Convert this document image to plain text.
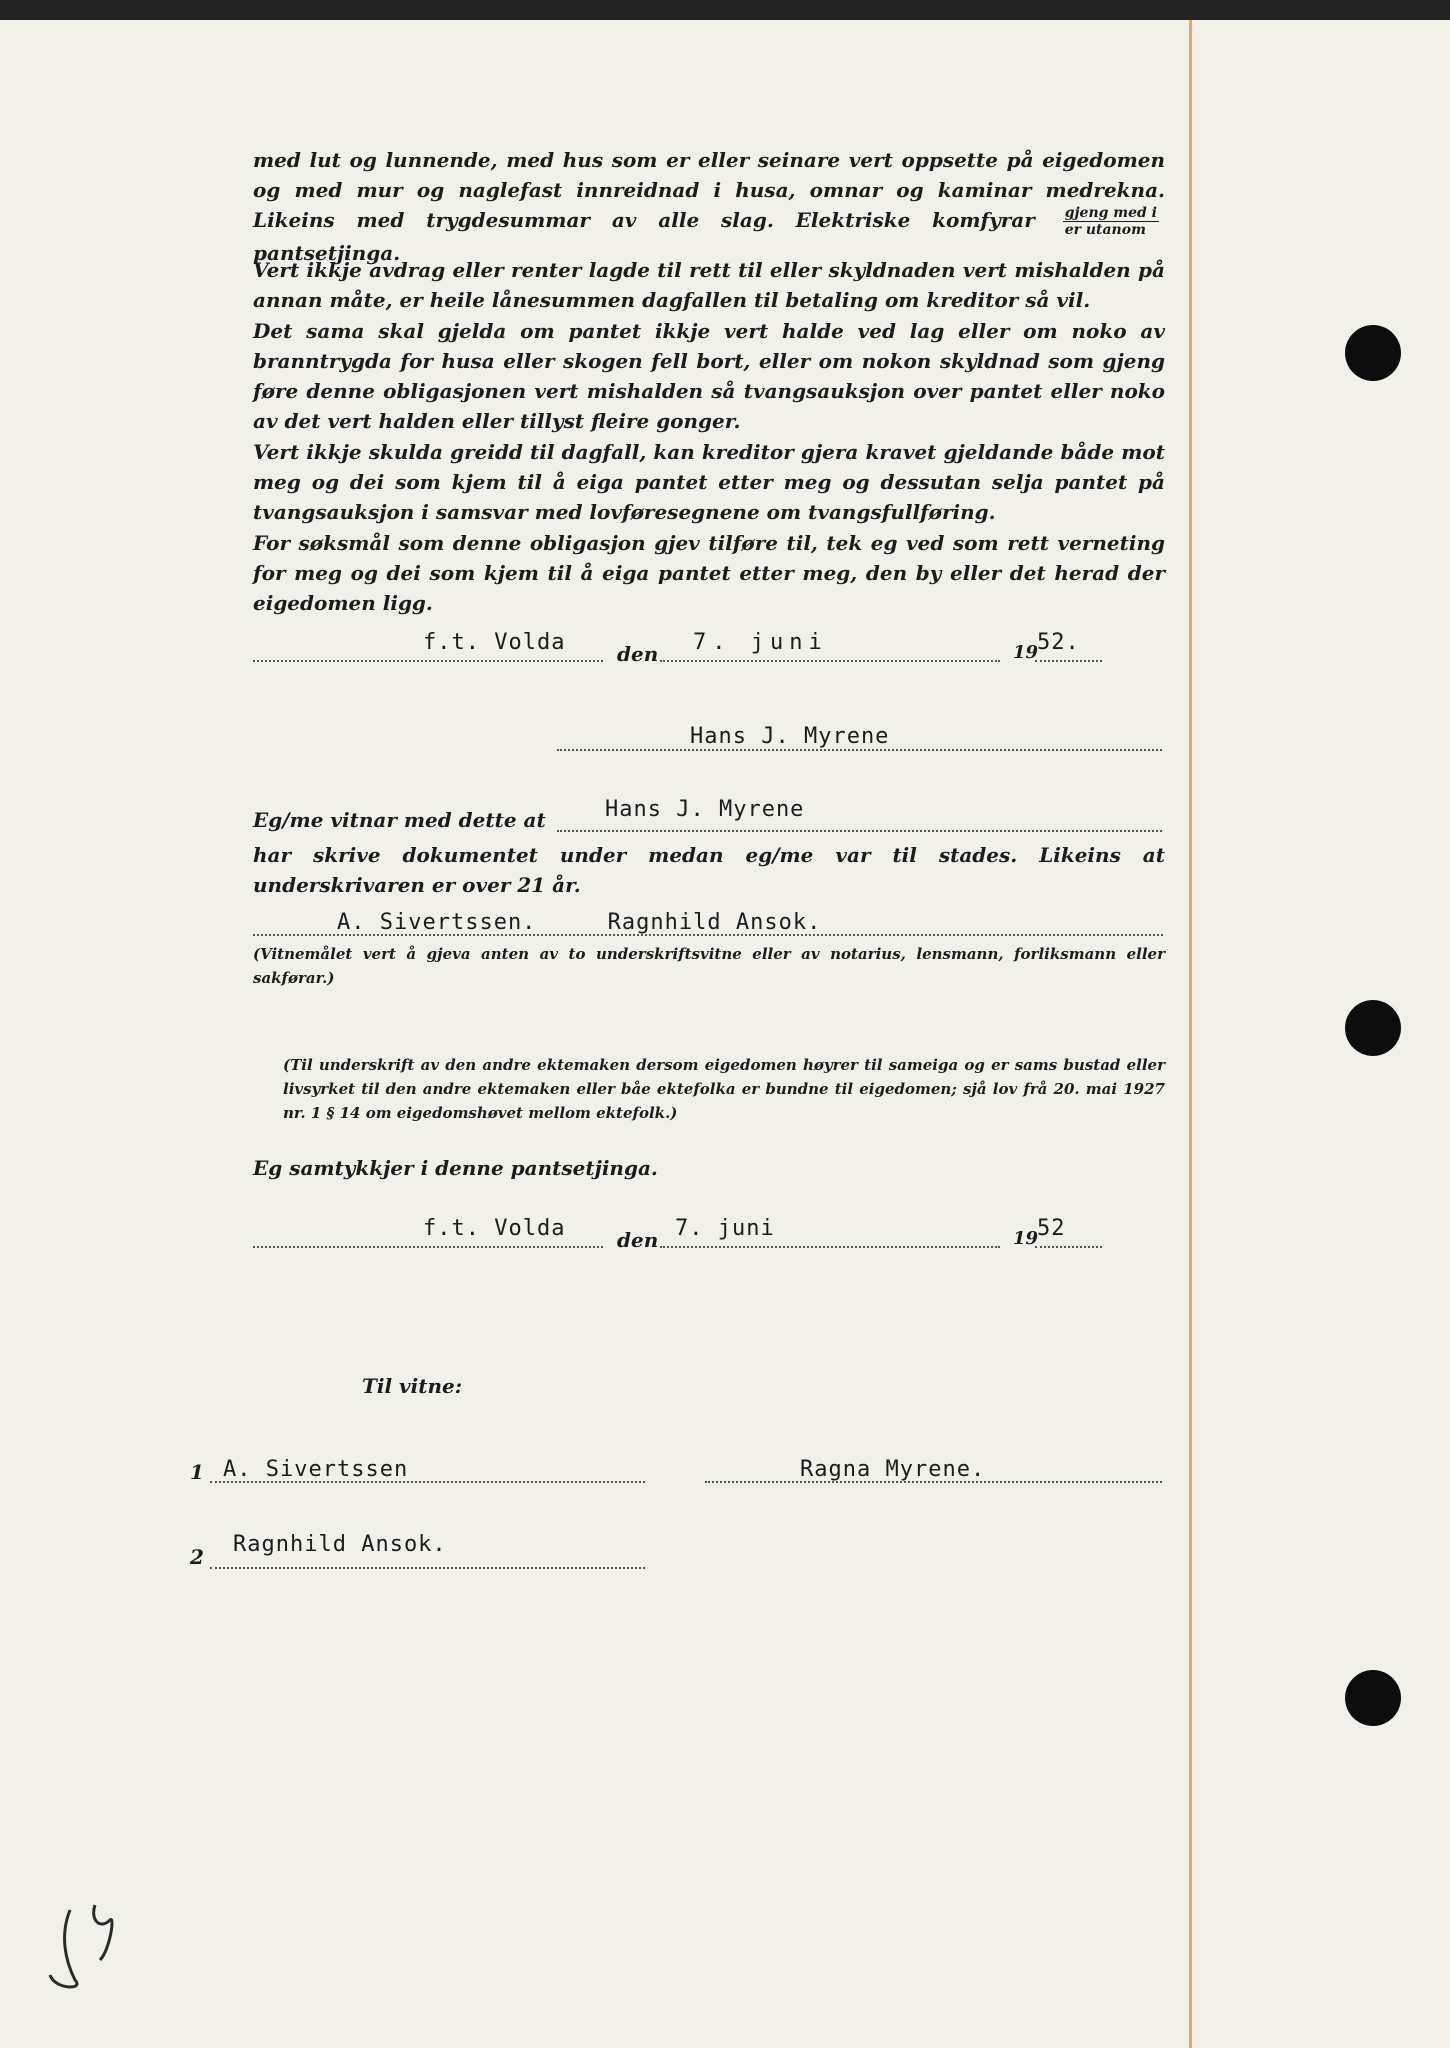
med lut og lunnende, med hus som er eller seinare vert oppsette på eigedomen og med mur og naglefast innreidnad i husa, omnar og kaminar medrekna. Likeins med trygdesummar av alle slag. Elektriske komfyrar $\frac{\text{gjeng med i}}{\text{er utanom}}$
pantsetjinga.
Vert ikkje avdrag eller renter lagde til rett til eller skyldnaden vert mishalden på annan måte, er heile lånesummen dagfallen til betaling om kreditor så vil.
Det sama skal gjelda om pantet ikkje vert halde ved lag eller om noko av branntrygda for husa eller skogen fell bort, eller om nokon skyldnad som gjeng føre denne obligasjonen vert mishalden så tvangsauksjon over pantet eller noko av det vert halden eller tillyst fleire gonger.
Vert ikkje skulda greidd til dagfall, kan kreditor gjera kravet gjeldande både mot meg og dei som kjem til å eiga pantet etter meg og dessutan selja pantet på tvangsauksjon i samsvar med lovføresegnene om tvangsfullføring.
For søksmål som denne obligasjon gjev tilføre til, tek eg ved som rett verneting for meg og dei som kjem til å eiga pantet etter meg, den by eller det herad der eigedomen ligg.
f.t. Volda	den 7. juni	19
52.
Hans J. Myrene
Eg/me vitnar med dette at	Hans J. Myrene
har skrive dokumentet under medan eg/me var til stades. Likeins at underskrivaren er over 21 år.
A. Sivertssen.     Ragnhild Ansok.
(Vitnemålet vert å gjeva anten av to underskriftsvitne eller av notarius, lensmann, forliksmann eller sakførar.)
(Til underskrift av den andre ektemaken dersom eigedomen høyrer til sameiga og er sams bustad eller livsyrket til den andre ektemaken eller båe ektefolka er bundne til eigedomen; sjå lov frå 20. mai 1927 nr. 1 § 14 om eigedomshøvet mellom ektefolk.)
Eg samtykkjer i denne pantsetjinga.
f.t. Volda	den 7. juni	19
52
Til vitne:
1 A. Sivertssen	Ragna Myrene.
2 Ragnhild Ansok.
